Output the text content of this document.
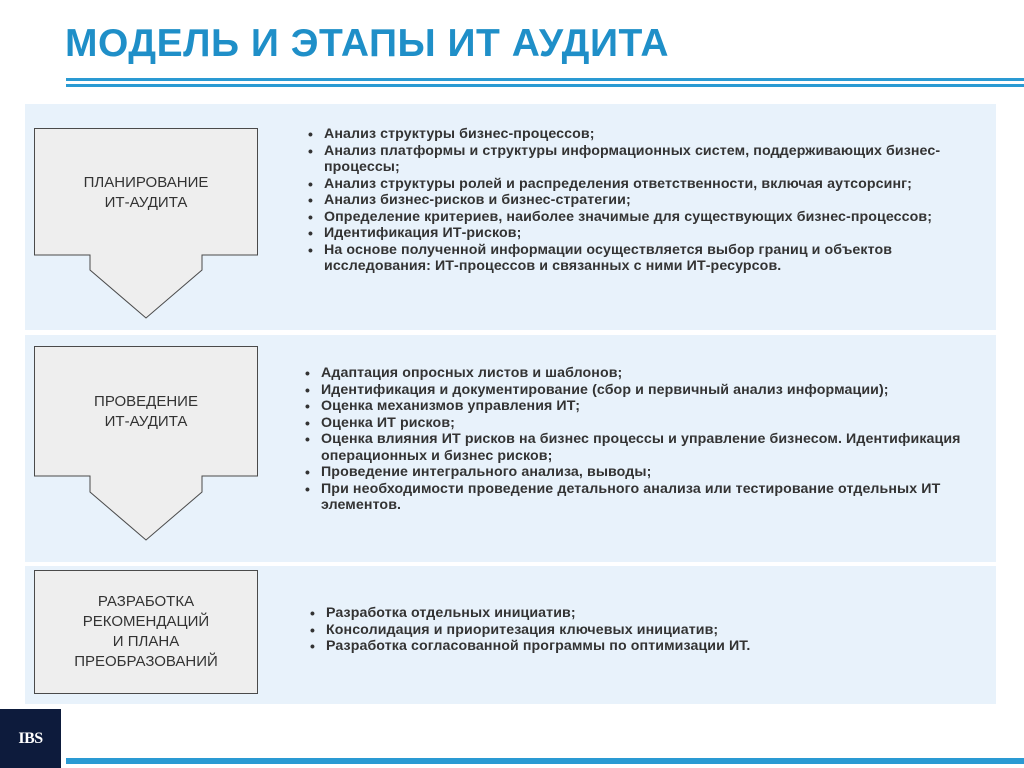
МОДЕЛЬ И ЭТАПЫ ИТ АУДИТА
ПЛАНИРОВАНИЕ
ИТ-АУДИТА
• Анализ структуры бизнес-процессов;
• Анализ платформы и структуры информационных систем, поддерживающих бизнес-процессы;
• Анализ структуры ролей и распределения ответственности, включая аутсорсинг;
• Анализ бизнес-рисков и бизнес-стратегии;
• Определение критериев, наиболее значимые для существующих бизнес-процессов;
• Идентификация ИТ-рисков;
• На основе полученной информации осуществляется выбор границ и объектов исследования: ИТ-процессов и связанных с ними ИТ-ресурсов.
ПРОВЕДЕНИЕ
ИТ-АУДИТА
• Адаптация опросных листов и шаблонов;
• Идентификация и документирование (сбор и первичный анализ информации);
• Оценка механизмов управления ИТ;
• Оценка ИТ рисков;
• Оценка влияния ИТ рисков на бизнес процессы и управление бизнесом. Идентификация операционных и бизнес рисков;
• Проведение интегрального анализа, выводы;
• При необходимости проведение детального анализа или тестирование отдельных ИТ элементов.
РАЗРАБОТКА
РЕКОМЕНДАЦИЙ
И ПЛАНА
ПРЕОБРАЗОВАНИЙ
• Разработка отдельных инициатив;
• Консолидация и приоритезация ключевых инициатив;
• Разработка согласованной программы по оптимизации ИТ.
IBS
